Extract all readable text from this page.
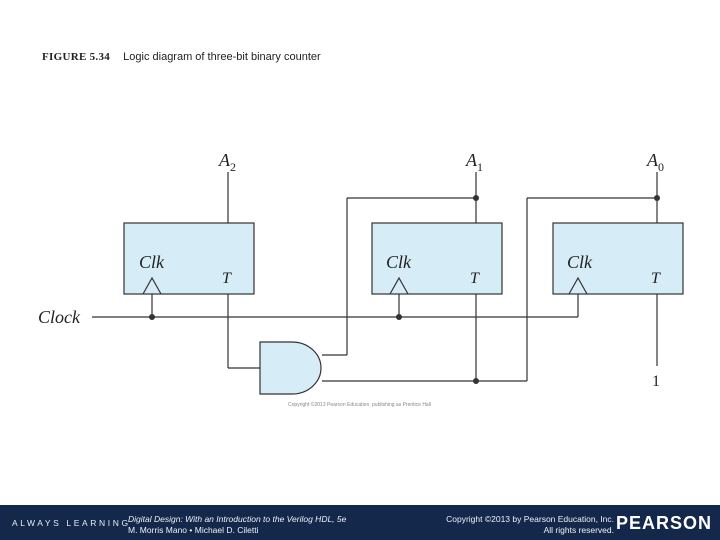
FIGURE 5.34 Logic diagram of three-bit binary counter
Clk
T
Clk
T
Clk
T
$A_2$	$A_1$	$A_0$
Clock
1
Copyright ©2013 Pearson Education, publishing as Prentice Hall
ALWAYS LEARNING
Digital Design: With an Introduction to the Verilog HDL, 5e
M. Morris Mano • Michael D. Ciletti
Copyright ©2013 by Pearson Education, Inc.
All rights reserved. PEARSON
